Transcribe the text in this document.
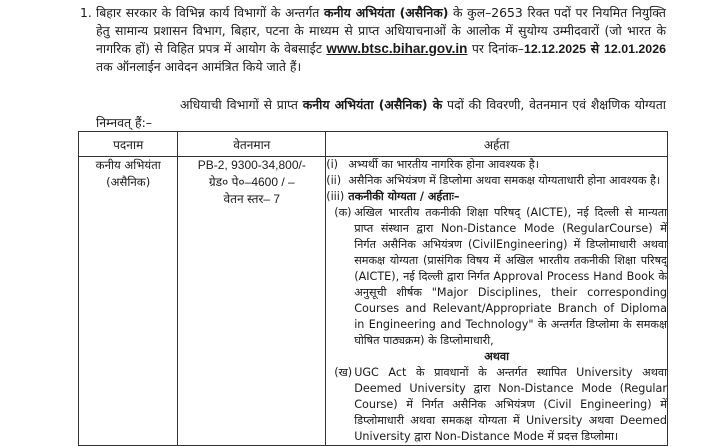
1. बिहार सरकार के विभिन्न कार्य विभागों के अन्तर्गत कनीय अभियंता (असैनिक) के कुल–2653 रिक्त पदों पर नियमित नियुक्ति हेतु सामान्य प्रशासन विभाग, बिहार, पटना के माध्यम से प्राप्त अधियाचनाओं के आलोक में सुयोग्य उम्मीदवारों (जो भारत के नागरिक हों) से विहित प्रपत्र में आयोग के वेबसाईट www.btsc.bihar.gov.in पर दिनांक–12.12.2025 से 12.01.2026 तक ऑनलाईन आवेदन आमंत्रित किये जाते हैं।
अधियाची विभागों से प्राप्त कनीय अभियंता (असैनिक) के पदों की विवरणी, वेतनमान एवं शैक्षणिक योग्यता निम्नवत् हैं:–
पदनाम	वेतनमान	अर्हता

कनीय अभियंता
(असैनिक)

PB-2, 9300-34,800/-
ग्रेड० पे०–4600 / –
वेतन स्तर– 7

(i) अभ्यर्थी का भारतीय नागरिक होना आवश्यक है।
(ii) असैनिक अभियंत्रण में डिप्लोमा अथवा समकक्ष योग्यताधारी होना आवश्यक है।
(iii) तकनीकी योग्यता / अर्हताः–
(क) अखिल भारतीय तकनीकी शिक्षा परिषद् (AICTE), नई दिल्ली से मान्यता प्राप्त संस्थान द्वारा Non-Distance Mode (RegularCourse) में निर्गत असैनिक अभियंत्रण (CivilEngineering) में डिप्लोमाधारी अथवा समकक्ष योग्यता (प्रासंगिक विषय में अखिल भारतीय तकनीकी शिक्षा परिषद् (AICTE), नई दिल्ली द्वारा निर्गत Approval Process Hand Book के अनुसूची शीर्षक "Major Disciplines, their corresponding Courses and Relevant/Appropriate Branch of Diploma in Engineering and Technology" के अन्तर्गत डिप्लोमा के समकक्ष घोषित पाठ्यक्रम) के डिप्लोमाधारी,
अथवा
(ख) UGC Act के प्रावधानों के अन्तर्गत स्थापित University अथवा Deemed University द्वारा Non-Distance Mode (Regular Course) में निर्गत असैनिक अभियंत्रण (Civil Engineering) में डिप्लोमाधारी अथवा समकक्ष योग्यता में University अथवा Deemed University द्वारा Non-Distance Mode में प्रदत्त डिप्लोमा।
